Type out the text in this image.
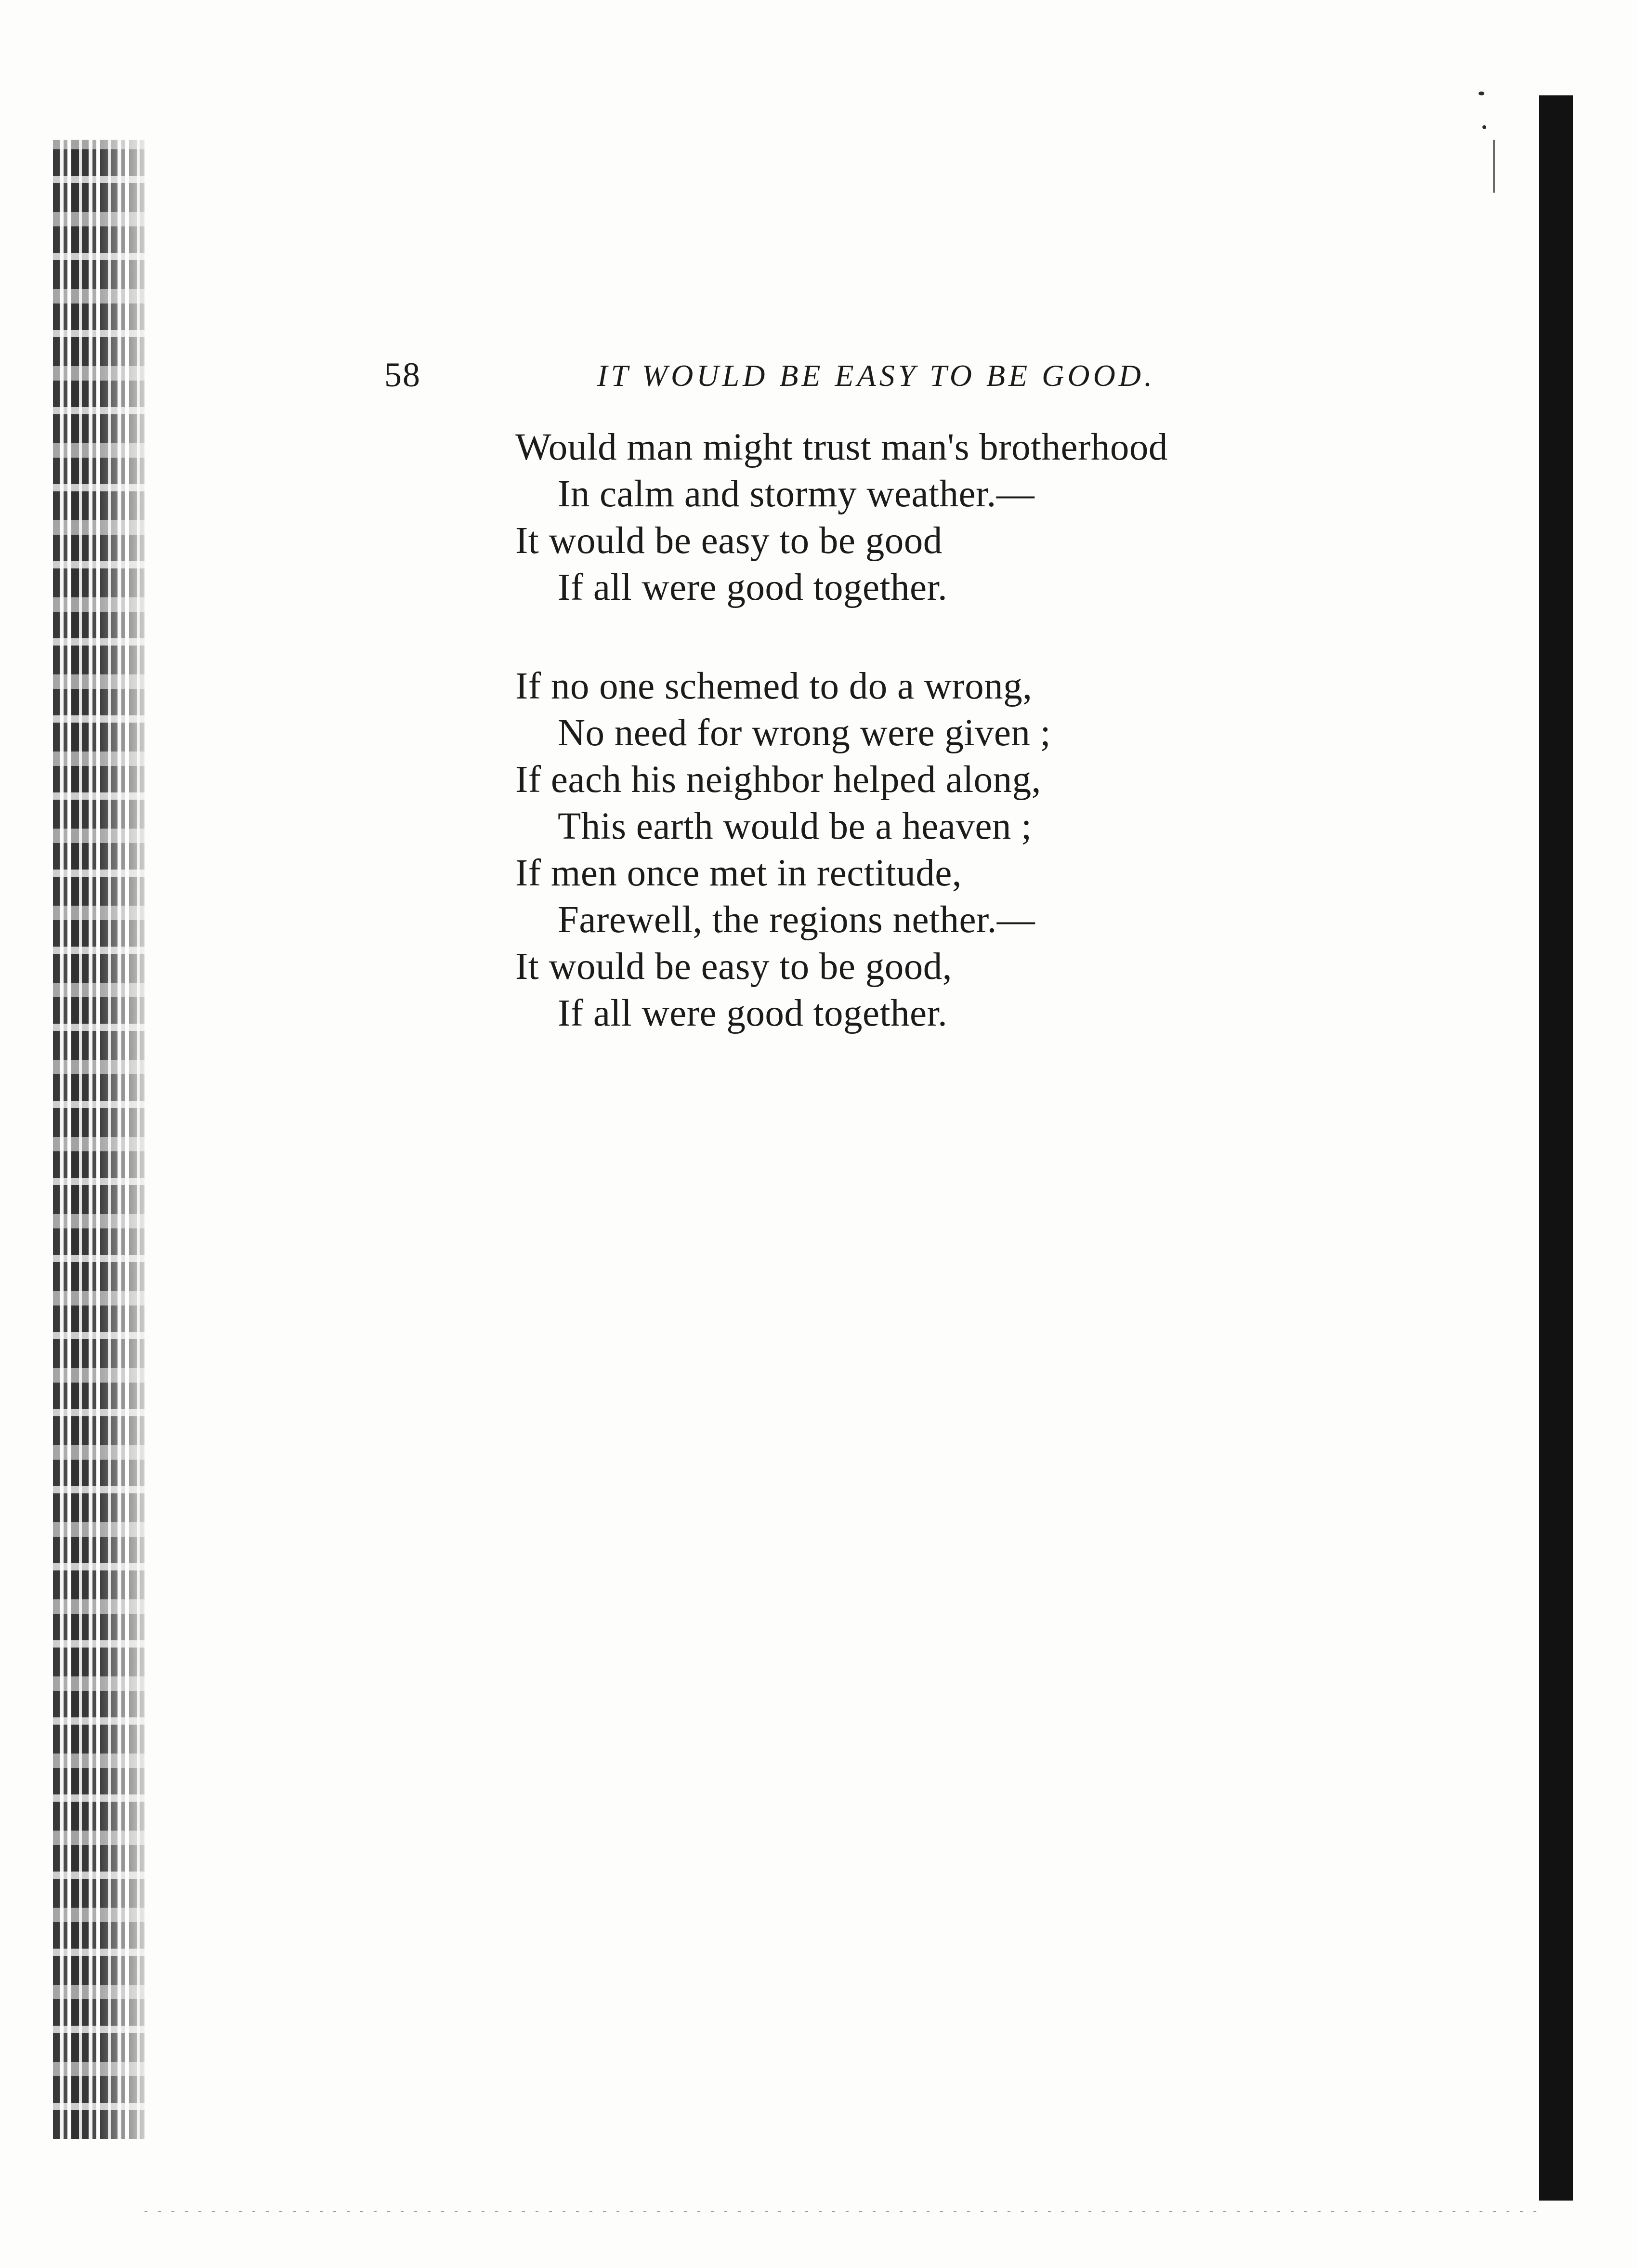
58	IT WOULD BE EASY TO BE GOOD.
Would man might trust man's brotherhood
In calm and stormy weather.—
It would be easy to be good
If all were good together.
If no one schemed to do a wrong,
No need for wrong were given ;
If each his neighbor helped along,
This earth would be a heaven ;
If men once met in rectitude,
Farewell, the regions nether.—
It would be easy to be good,
If all were good together.
